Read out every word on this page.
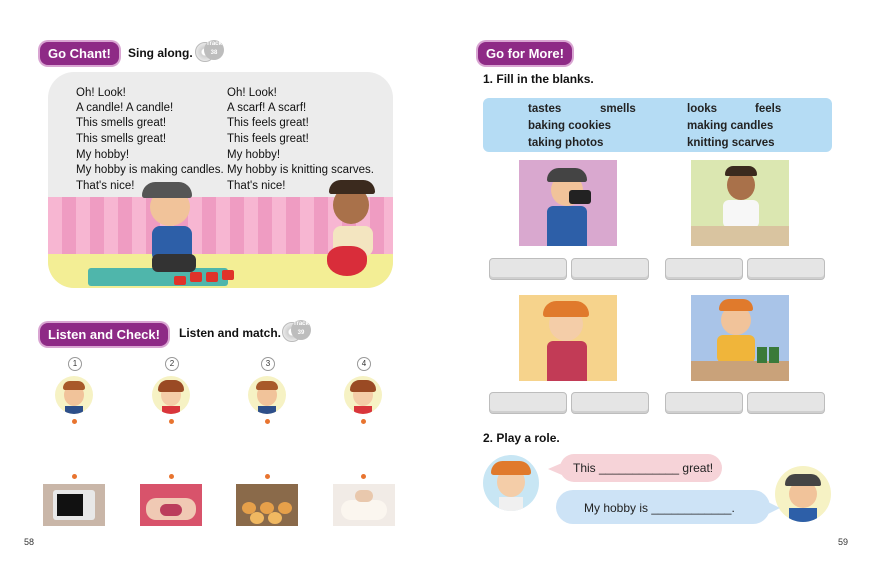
Go Chant!	Sing along.
Track 38
Oh! Look!
A candle! A candle!
This smells great!
This smells great!
My hobby!
My hobby is making candles.
That's nice!
Oh! Look!
A scarf! A scarf!
This feels great!
This feels great!
My hobby!
My hobby is knitting scarves.
That's nice!
Listen and Check!	Listen and match.
Track 39
1	2	3	4
58
Go for More!
1. Fill in the blanks.
tastes	smells	looks	feels
baking cookies	making candles
taking photos	knitting scarves
2. Play a role.
This ____________ great!
My hobby is ____________.
59
